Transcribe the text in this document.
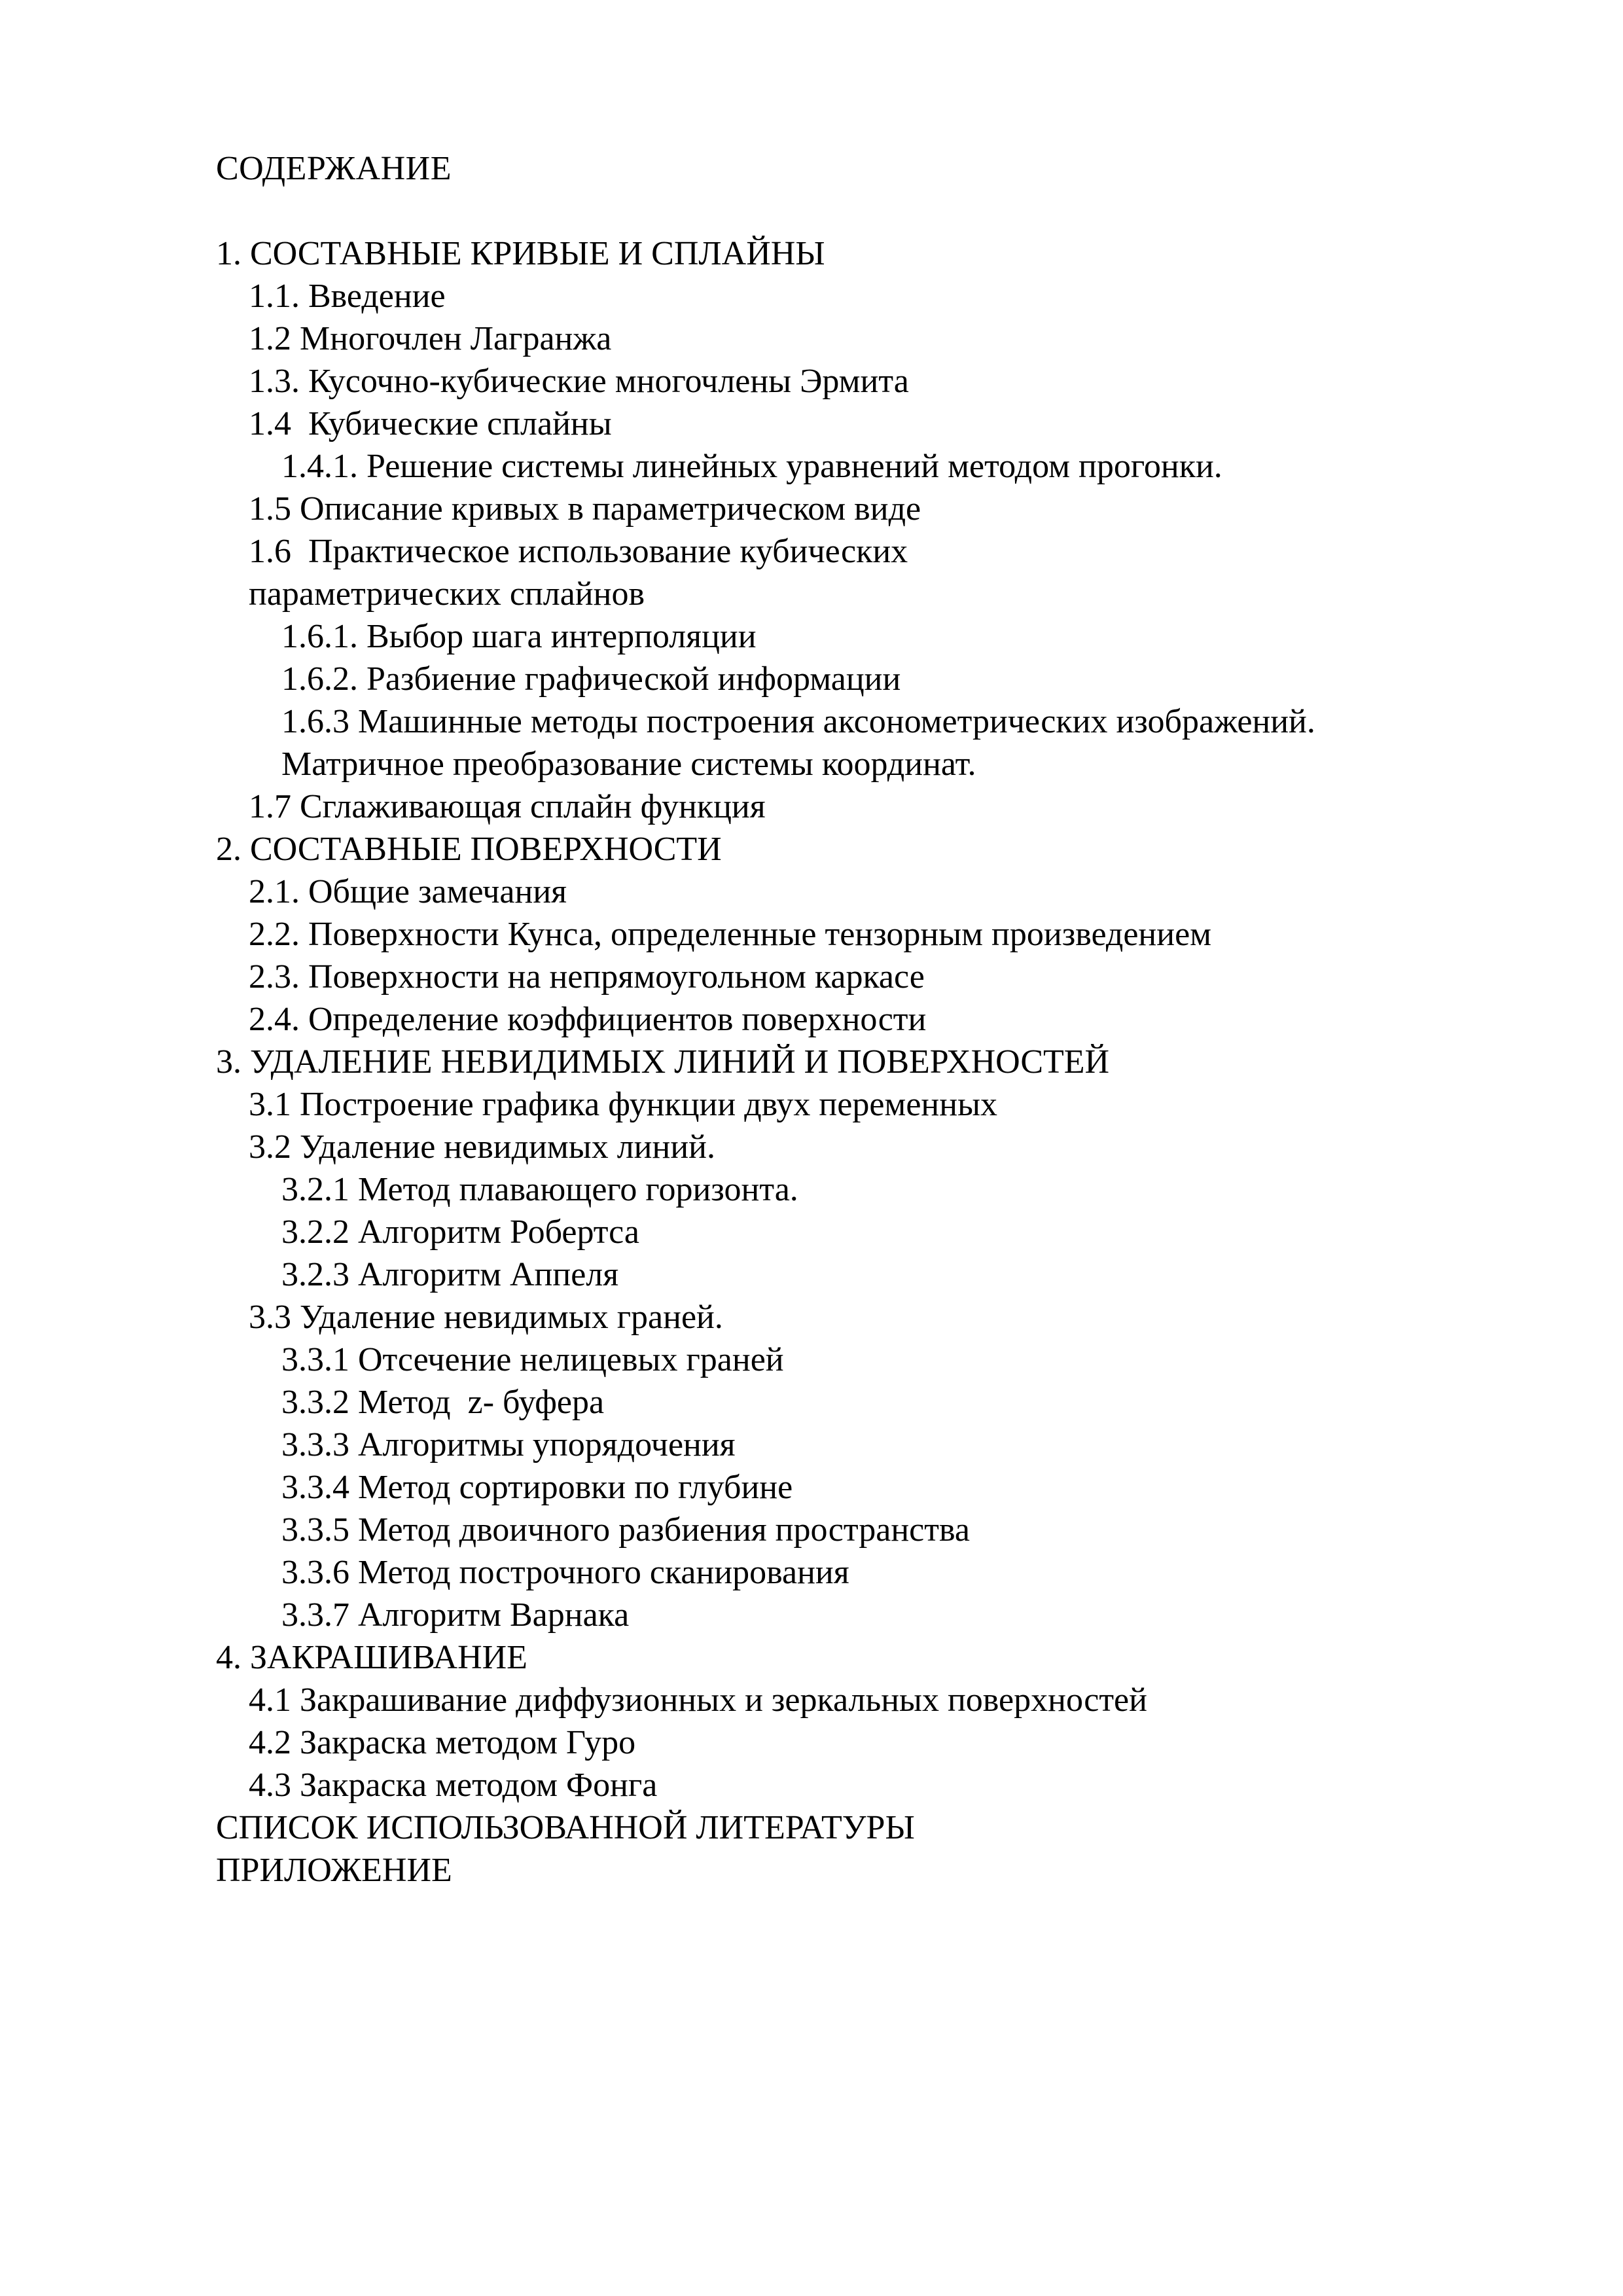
СОДЕРЖАНИЕ
1. СОСТАВНЫЕ КРИВЫЕ И СПЛАЙНЫ
1.1. Введение
1.2 Многочлен Лагранжа
1.3. Кусочно-кубические многочлены Эрмита
1.4  Кубические сплайны
1.4.1. Решение системы линейных уравнений методом прогонки.
1.5 Описание кривых в параметрическом виде
1.6  Практическое использование кубических
параметрических сплайнов
1.6.1. Выбор шага интерполяции
1.6.2. Разбиение графической информации
1.6.3 Машинные методы построения аксонометрических изображений.
Матричное преобразование системы координат.
1.7 Сглаживающая сплайн функция
2. СОСТАВНЫЕ ПОВЕРХНОСТИ
2.1. Общие замечания
2.2. Поверхности Кунса, определенные тензорным произведением
2.3. Поверхности на непрямоугольном каркасе
2.4. Определение коэффициентов поверхности
3. УДАЛЕНИЕ НЕВИДИМЫХ ЛИНИЙ И ПОВЕРХНОСТЕЙ
3.1 Построение графика функции двух переменных
3.2 Удаление невидимых линий.
3.2.1 Метод плавающего горизонта.
3.2.2 Алгоритм Робертса
3.2.3 Алгоритм Аппеля
3.3 Удаление невидимых граней.
3.3.1 Отсечение нелицевых граней
3.3.2 Метод  z- буфера
3.3.3 Алгоритмы упорядочения
3.3.4 Метод сортировки по глубине
3.3.5 Метод двоичного разбиения пространства
3.3.6 Метод построчного сканирования
3.3.7 Алгоритм Варнака
4. ЗАКРАШИВАНИЕ
4.1 Закрашивание диффузионных и зеркальных поверхностей
4.2 Закраска методом Гуро
4.3 Закраска методом Фонга
СПИСОК ИСПОЛЬЗОВАННОЙ ЛИТЕРАТУРЫ
ПРИЛОЖЕНИЕ
